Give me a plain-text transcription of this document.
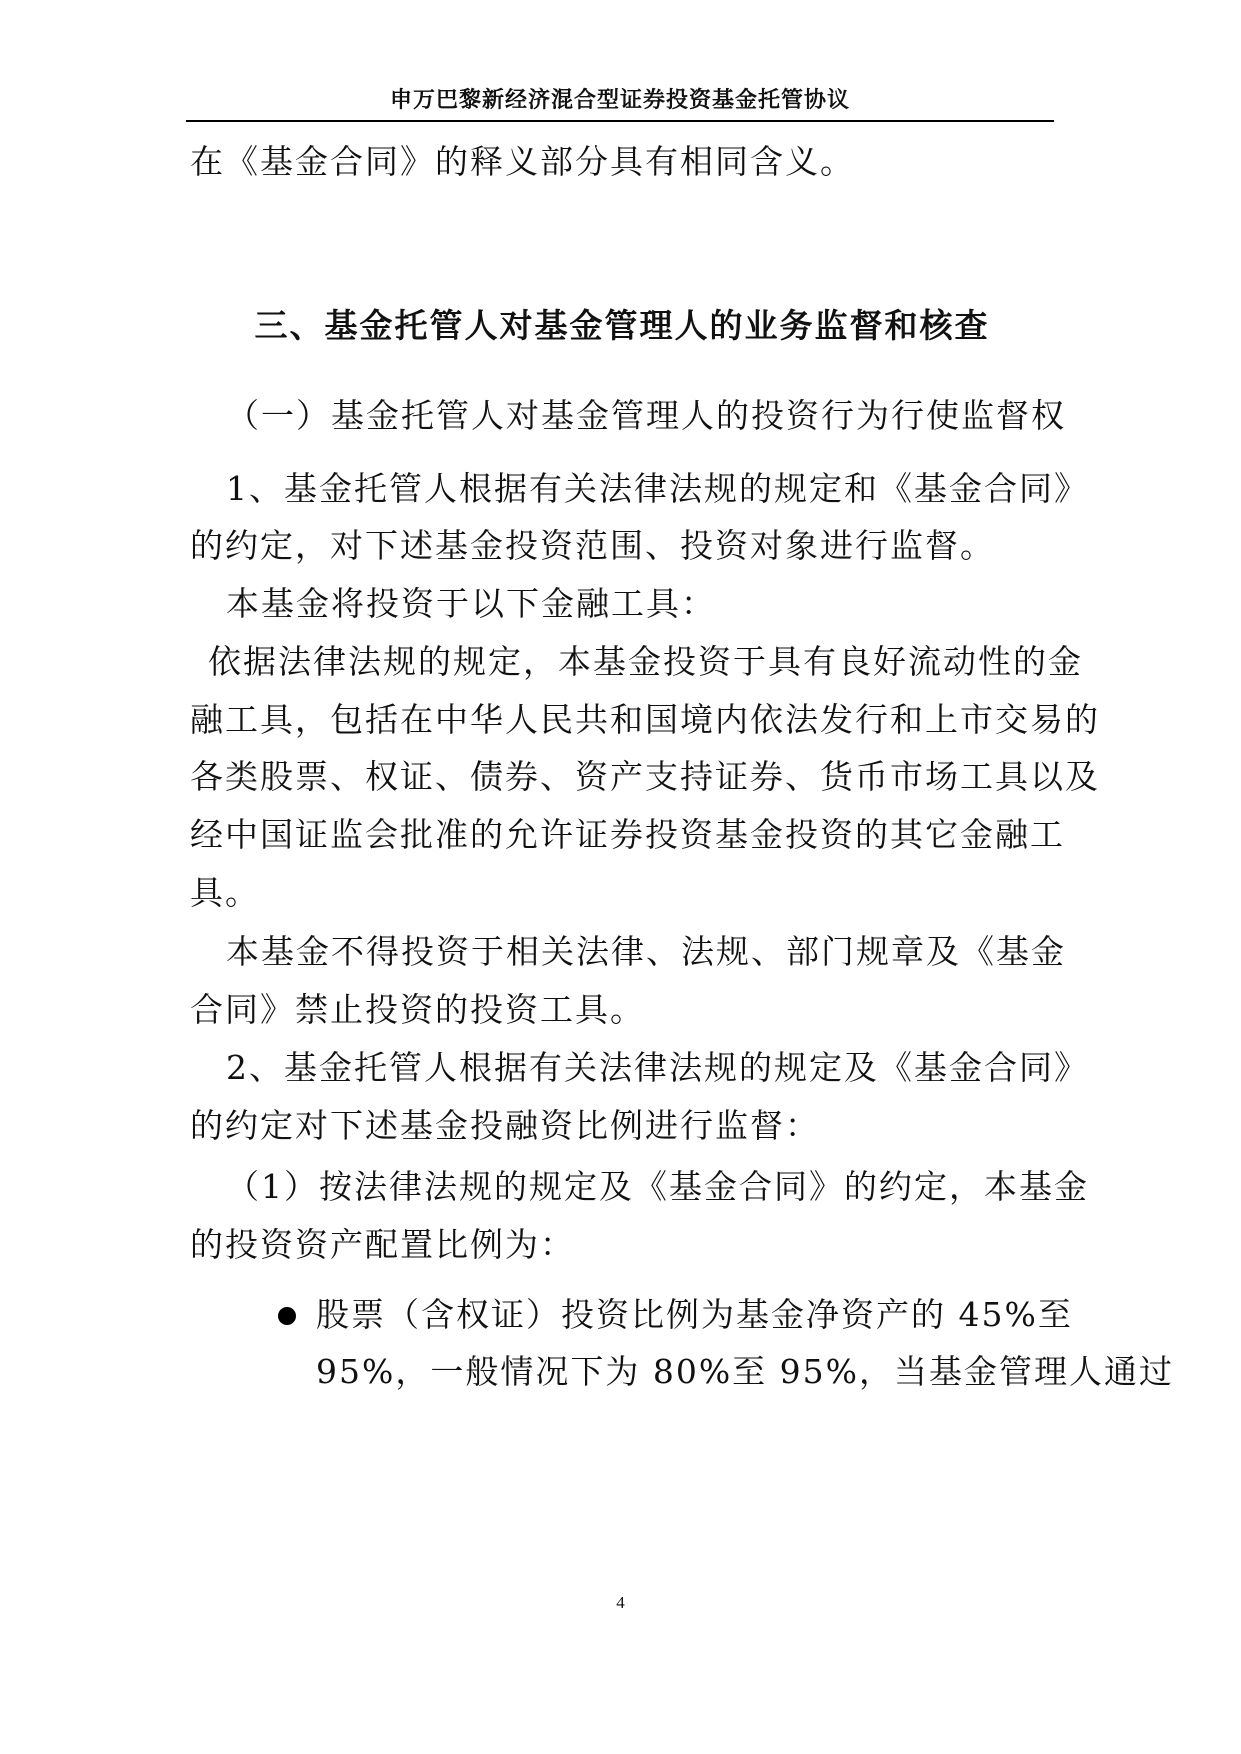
申万巴黎新经济混合型证券投资基金托管协议
在《基金合同》的释义部分具有相同含义。
三、基金托管人对基金管理人的业务监督和核查
（一）基金托管人对基金管理人的投资行为行使监督权
1、基金托管人根据有关法律法规的规定和《基金合同》
的约定，对下述基金投资范围、投资对象进行监督。
本基金将投资于以下金融工具：
依据法律法规的规定，本基金投资于具有良好流动性的金
融工具，包括在中华人民共和国境内依法发行和上市交易的
各类股票、权证、债券、资产支持证券、货币市场工具以及
经中国证监会批准的允许证券投资基金投资的其它金融工
具。
本基金不得投资于相关法律、法规、部门规章及《基金
合同》禁止投资的投资工具。
2、基金托管人根据有关法律法规的规定及《基金合同》
的约定对下述基金投融资比例进行监督：
（1）按法律法规的规定及《基金合同》的约定，本基金
的投资资产配置比例为：
股票（含权证）投资比例为基金净资产的 45%至
95%，一般情况下为 80%至 95%，当基金管理人通过
4
